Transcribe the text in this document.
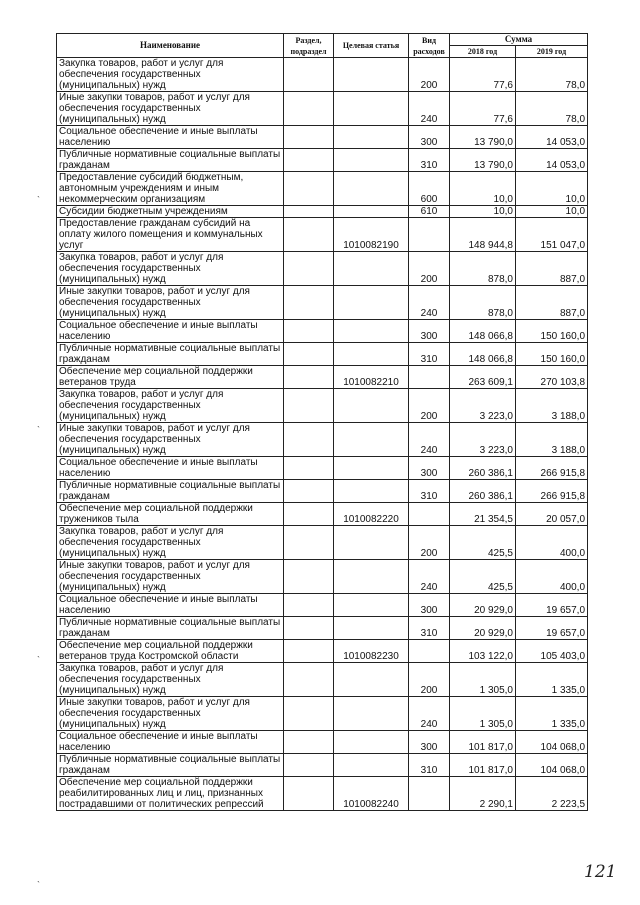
Наименование	Раздел, подраздел	Целевая статья	Вид расходов	Сумма	
				2018 год	2019 год
Закупка товаров, работ и услуг для обеспечения государственных (муниципальных) нужд			200	77,6	78,0
Иные закупки товаров, работ и услуг для обеспечения государственных (муниципальных) нужд			240	77,6	78,0
Социальное обеспечение и иные выплаты населению			300	13 790,0	14 053,0
Публичные нормативные социальные выплаты гражданам			310	13 790,0	14 053,0
Предоставление субсидий бюджетным, автономным учреждениям и иным некоммерческим организациям			600	10,0	10,0
Субсидии бюджетным учреждениям			610	10,0	10,0
Предоставление гражданам субсидий на оплату жилого помещения и коммунальных услуг		1010082190		148 944,8	151 047,0
Закупка товаров, работ и услуг для обеспечения государственных (муниципальных) нужд			200	878,0	887,0
Иные закупки товаров, работ и услуг для обеспечения государственных (муниципальных) нужд			240	878,0	887,0
Социальное обеспечение и иные выплаты населению			300	148 066,8	150 160,0
Публичные нормативные социальные выплаты гражданам			310	148 066,8	150 160,0
Обеспечение мер социальной поддержки ветеранов труда		1010082210		263 609,1	270 103,8
Закупка товаров, работ и услуг для обеспечения государственных (муниципальных) нужд			200	3 223,0	3 188,0
Иные закупки товаров, работ и услуг для обеспечения государственных (муниципальных) нужд			240	3 223,0	3 188,0
Социальное обеспечение и иные выплаты населению			300	260 386,1	266 915,8
Публичные нормативные социальные выплаты гражданам			310	260 386,1	266 915,8
Обеспечение мер социальной поддержки тружеников тыла		1010082220		21 354,5	20 057,0
Закупка товаров, работ и услуг для обеспечения государственных (муниципальных) нужд			200	425,5	400,0
Иные закупки товаров, работ и услуг для обеспечения государственных (муниципальных) нужд			240	425,5	400,0
Социальное обеспечение и иные выплаты населению			300	20 929,0	19 657,0
Публичные нормативные социальные выплаты гражданам			310	20 929,0	19 657,0
Обеспечение мер социальной поддержки ветеранов труда Костромской области		1010082230		103 122,0	105 403,0
Закупка товаров, работ и услуг для обеспечения государственных (муниципальных) нужд			200	1 305,0	1 335,0
Иные закупки товаров, работ и услуг для обеспечения государственных (муниципальных) нужд			240	1 305,0	1 335,0
Социальное обеспечение и иные выплаты населению			300	101 817,0	104 068,0
Публичные нормативные социальные выплаты гражданам			310	101 817,0	104 068,0
Обеспечение мер социальной поддержки реабилитированных лиц и лиц, признанных пострадавшими от политических репрессий		1010082240		2 290,1	2 223,5
`
`
`
`
121
